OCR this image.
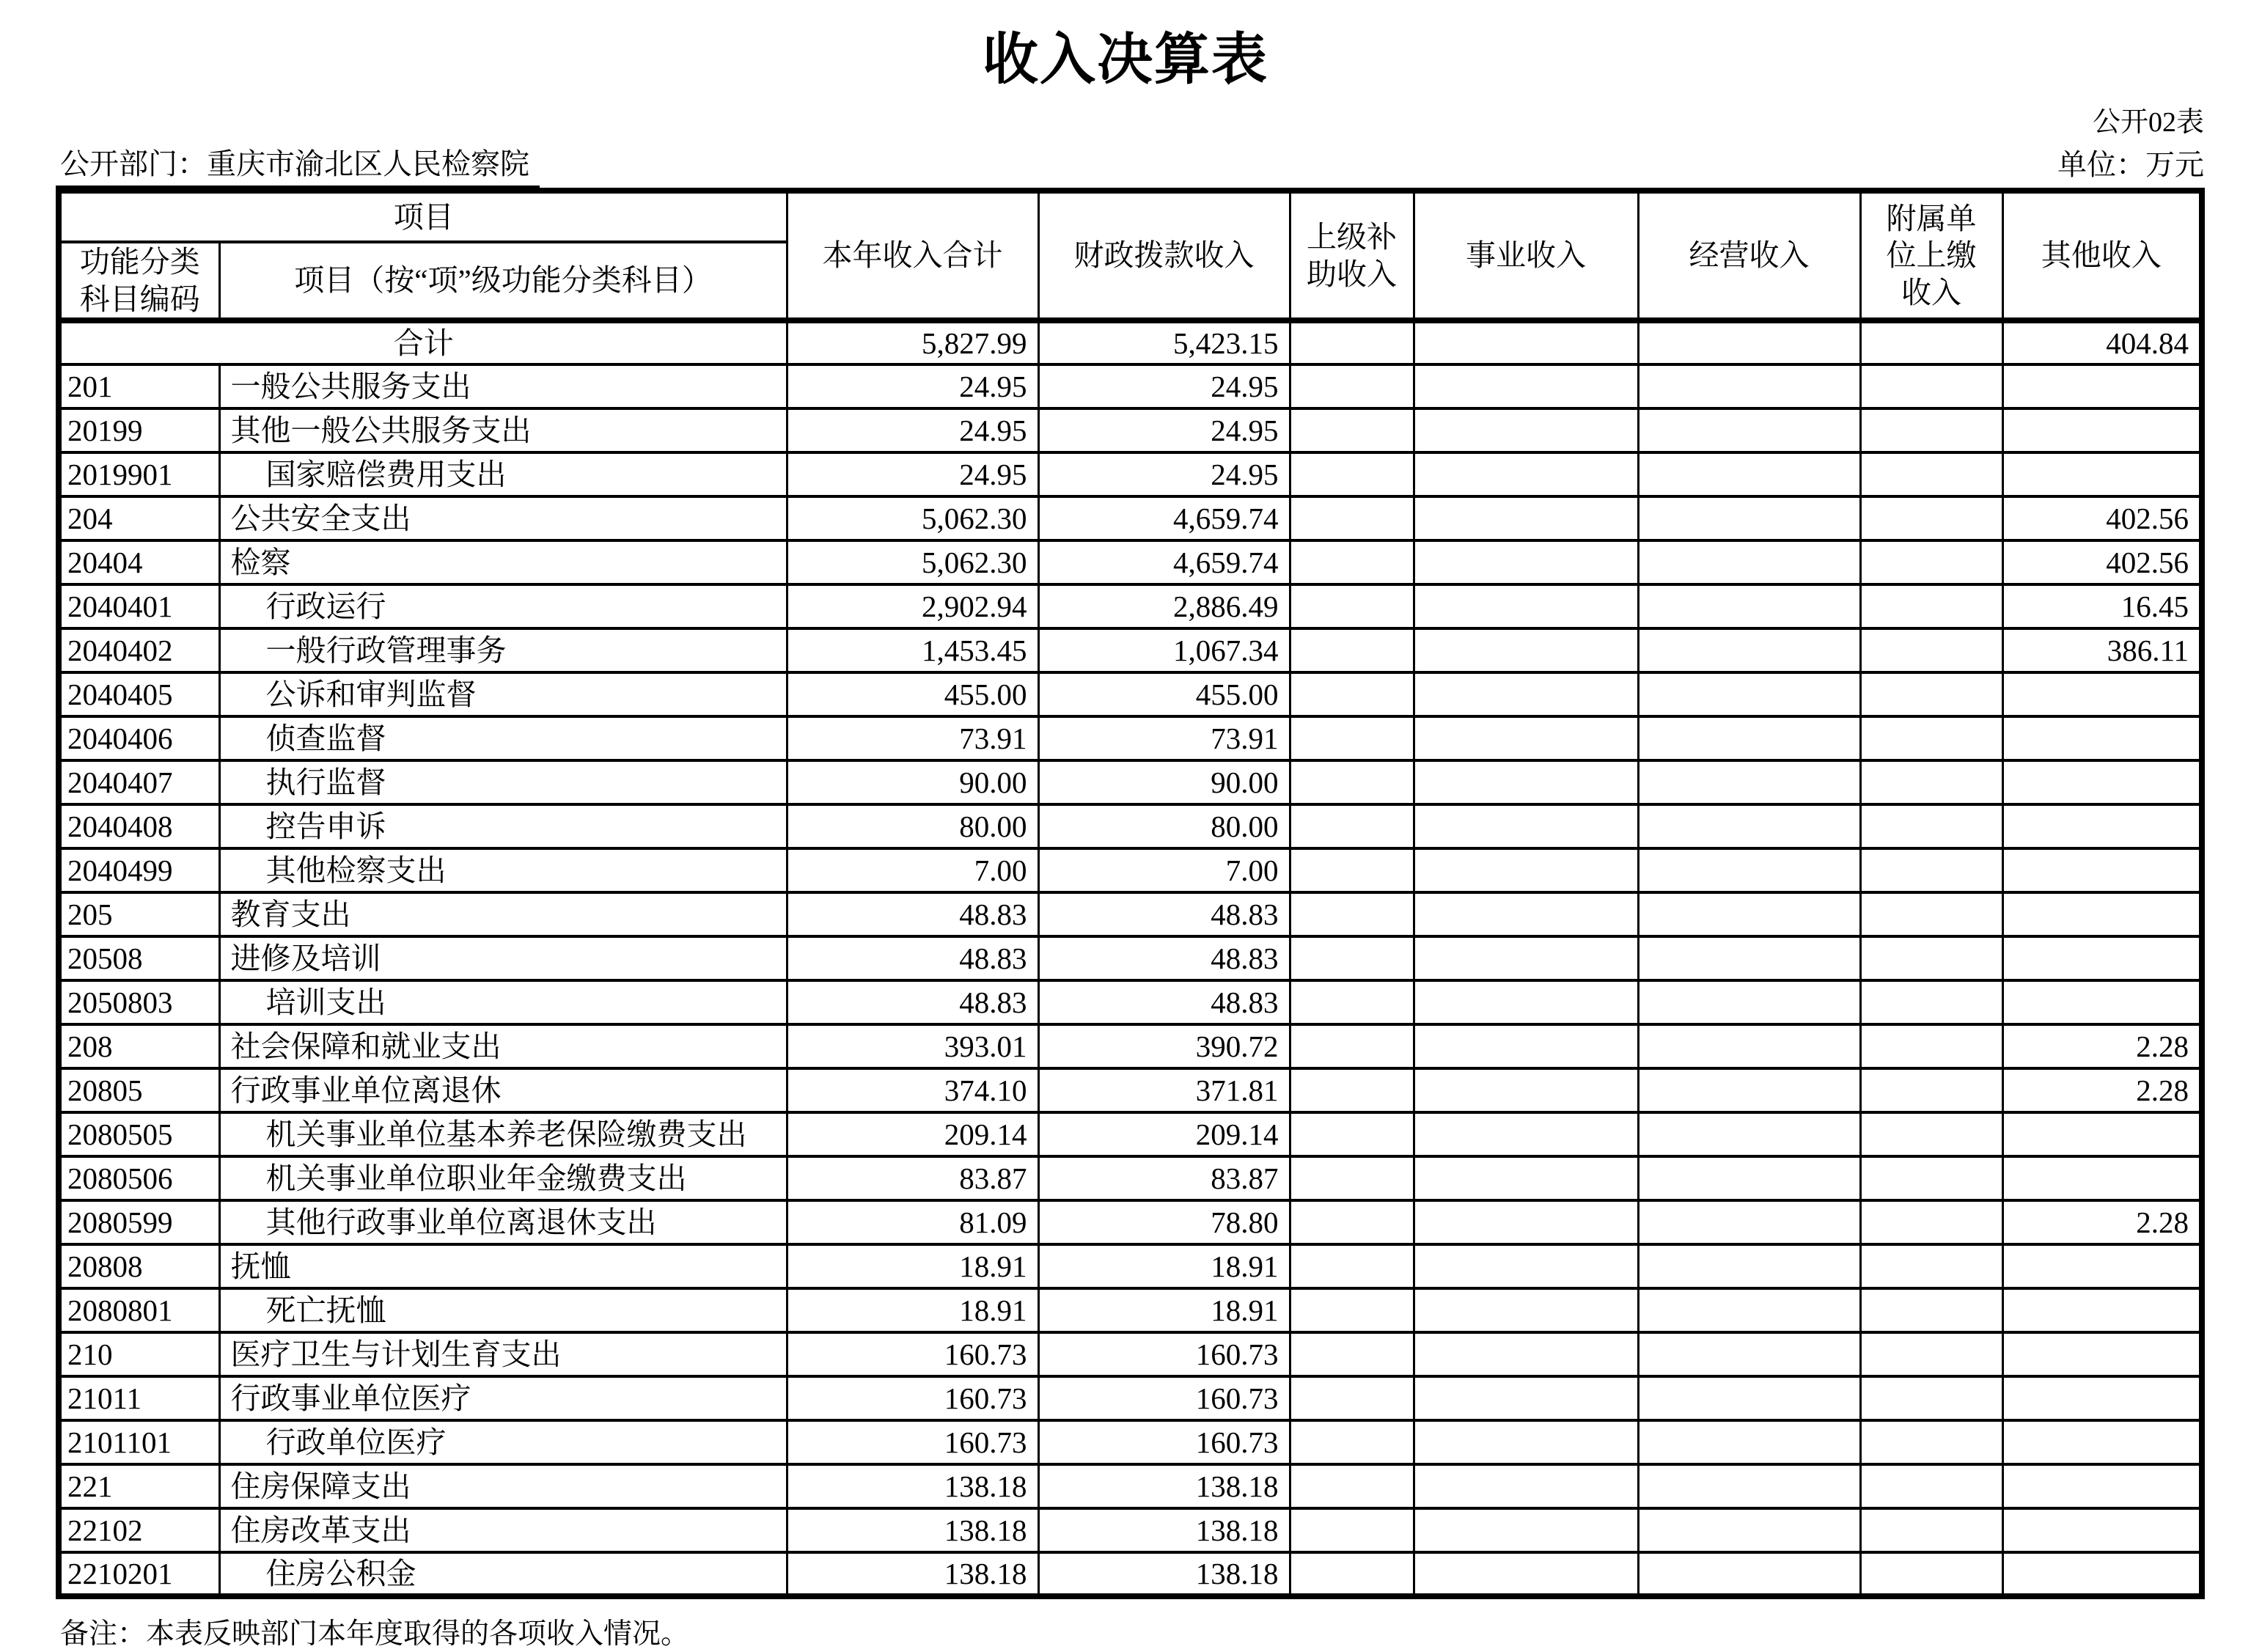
收入决算表
公开02表
公开部门：重庆市渝北区人民检察院	单位：万元
项目		本年收入合计	财政拨款收入	上级补助收入	事业收入	经营收入	附属单位上缴收入	其他收入
功能分类科目编码	项目（按“项”级功能分类科目）							
合计		5,827.99	5,423.15					404.84
201	一般公共服务支出	24.95	24.95					
20199	其他一般公共服务支出	24.95	24.95					
2019901	国家赔偿费用支出	24.95	24.95					
204	公共安全支出	5,062.30	4,659.74					402.56
20404	检察	5,062.30	4,659.74					402.56
2040401	行政运行	2,902.94	2,886.49					16.45
2040402	一般行政管理事务	1,453.45	1,067.34					386.11
2040405	公诉和审判监督	455.00	455.00					
2040406	侦查监督	73.91	73.91					
2040407	执行监督	90.00	90.00					
2040408	控告申诉	80.00	80.00					
2040499	其他检察支出	7.00	7.00					
205	教育支出	48.83	48.83					
20508	进修及培训	48.83	48.83					
2050803	培训支出	48.83	48.83					
208	社会保障和就业支出	393.01	390.72					2.28
20805	行政事业单位离退休	374.10	371.81					2.28
2080505	机关事业单位基本养老保险缴费支出	209.14	209.14					
2080506	机关事业单位职业年金缴费支出	83.87	83.87					
2080599	其他行政事业单位离退休支出	81.09	78.80					2.28
20808	抚恤	18.91	18.91					
2080801	死亡抚恤	18.91	18.91					
210	医疗卫生与计划生育支出	160.73	160.73					
21011	行政事业单位医疗	160.73	160.73					
2101101	行政单位医疗	160.73	160.73					
221	住房保障支出	138.18	138.18					
22102	住房改革支出	138.18	138.18					
2210201	住房公积金	138.18	138.18					
备注：本表反映部门本年度取得的各项收入情况。
